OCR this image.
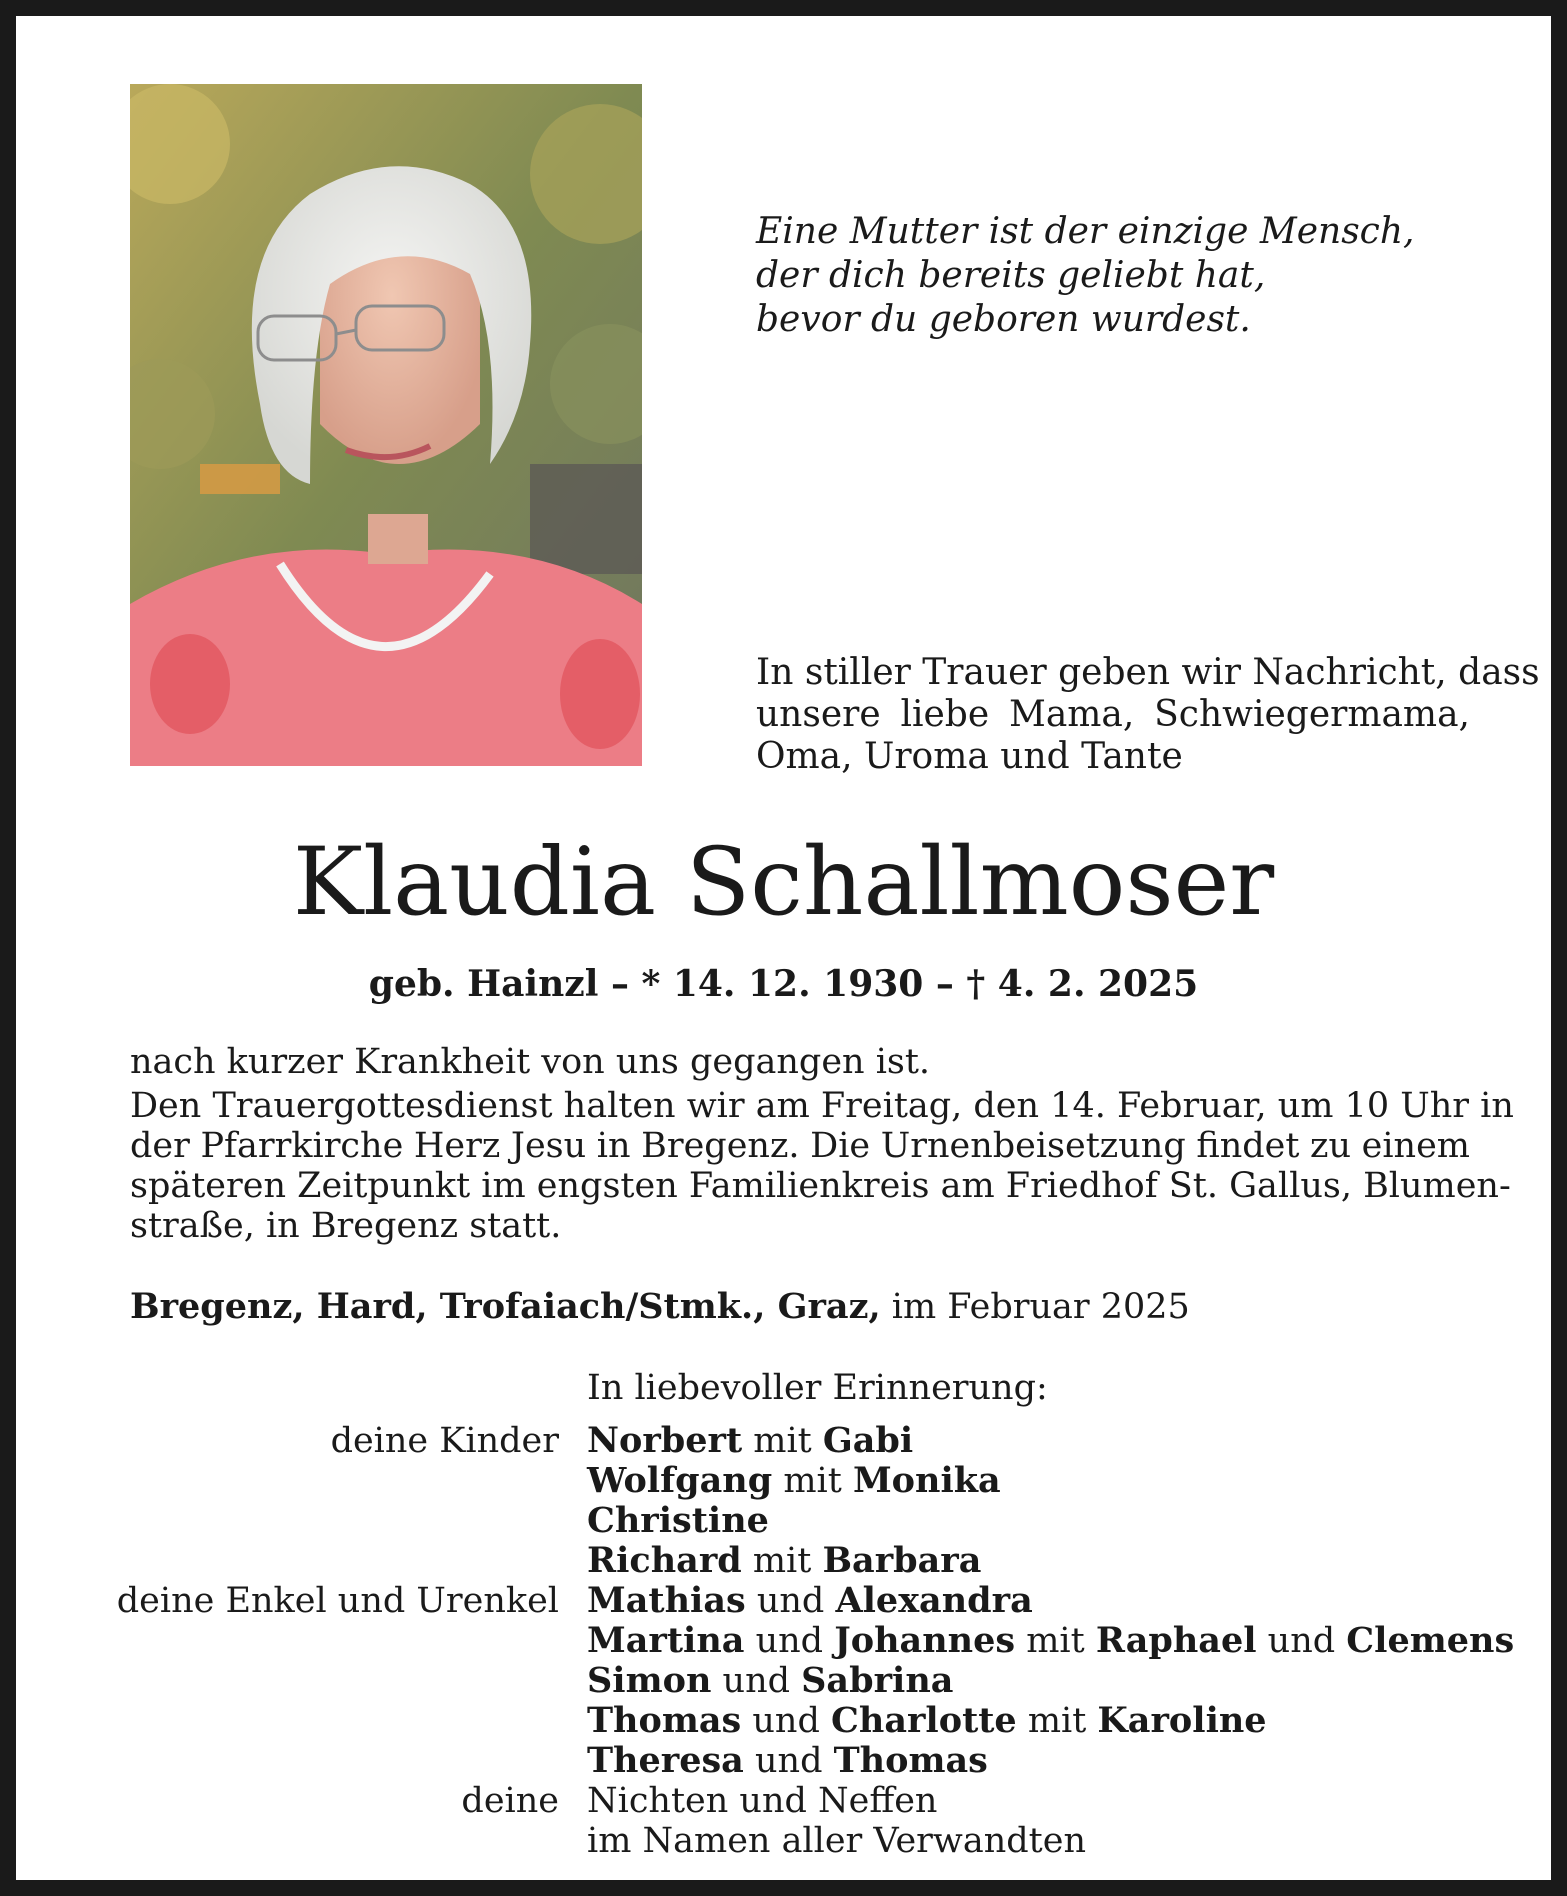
Eine Mutter ist der einzige Mensch,
der dich bereits geliebt hat,
bevor du geboren wurdest.
In stiller Trauer geben wir Nachricht, dass
unsere liebe Mama, Schwiegermama,
Oma, Uroma und Tante
Klaudia Schallmoser
geb. Hainzl – * 14. 12. 1930 – † 4. 2. 2025
nach kurzer Krankheit von uns gegangen ist.
Den Trauergottesdienst halten wir am Freitag, den 14. Februar, um 10 Uhr in
der Pfarrkirche Herz Jesu in Bregenz. Die Urnenbeisetzung findet zu einem
späteren Zeitpunkt im engsten Familienkreis am Friedhof St. Gallus, Blumen-
straße, in Bregenz statt.
Bregenz, Hard, Trofaiach/Stmk., Graz, im Februar 2025
In liebevoller Erinnerung:
deine Kinder
deine Enkel und Urenkel
deine
Norbert mit Gabi
Wolfgang mit Monika
Christine
Richard mit Barbara
Mathias und Alexandra
Martina und Johannes mit Raphael und Clemens
Simon und Sabrina
Thomas und Charlotte mit Karoline
Theresa und Thomas
Nichten und Neffen
im Namen aller Verwandten
